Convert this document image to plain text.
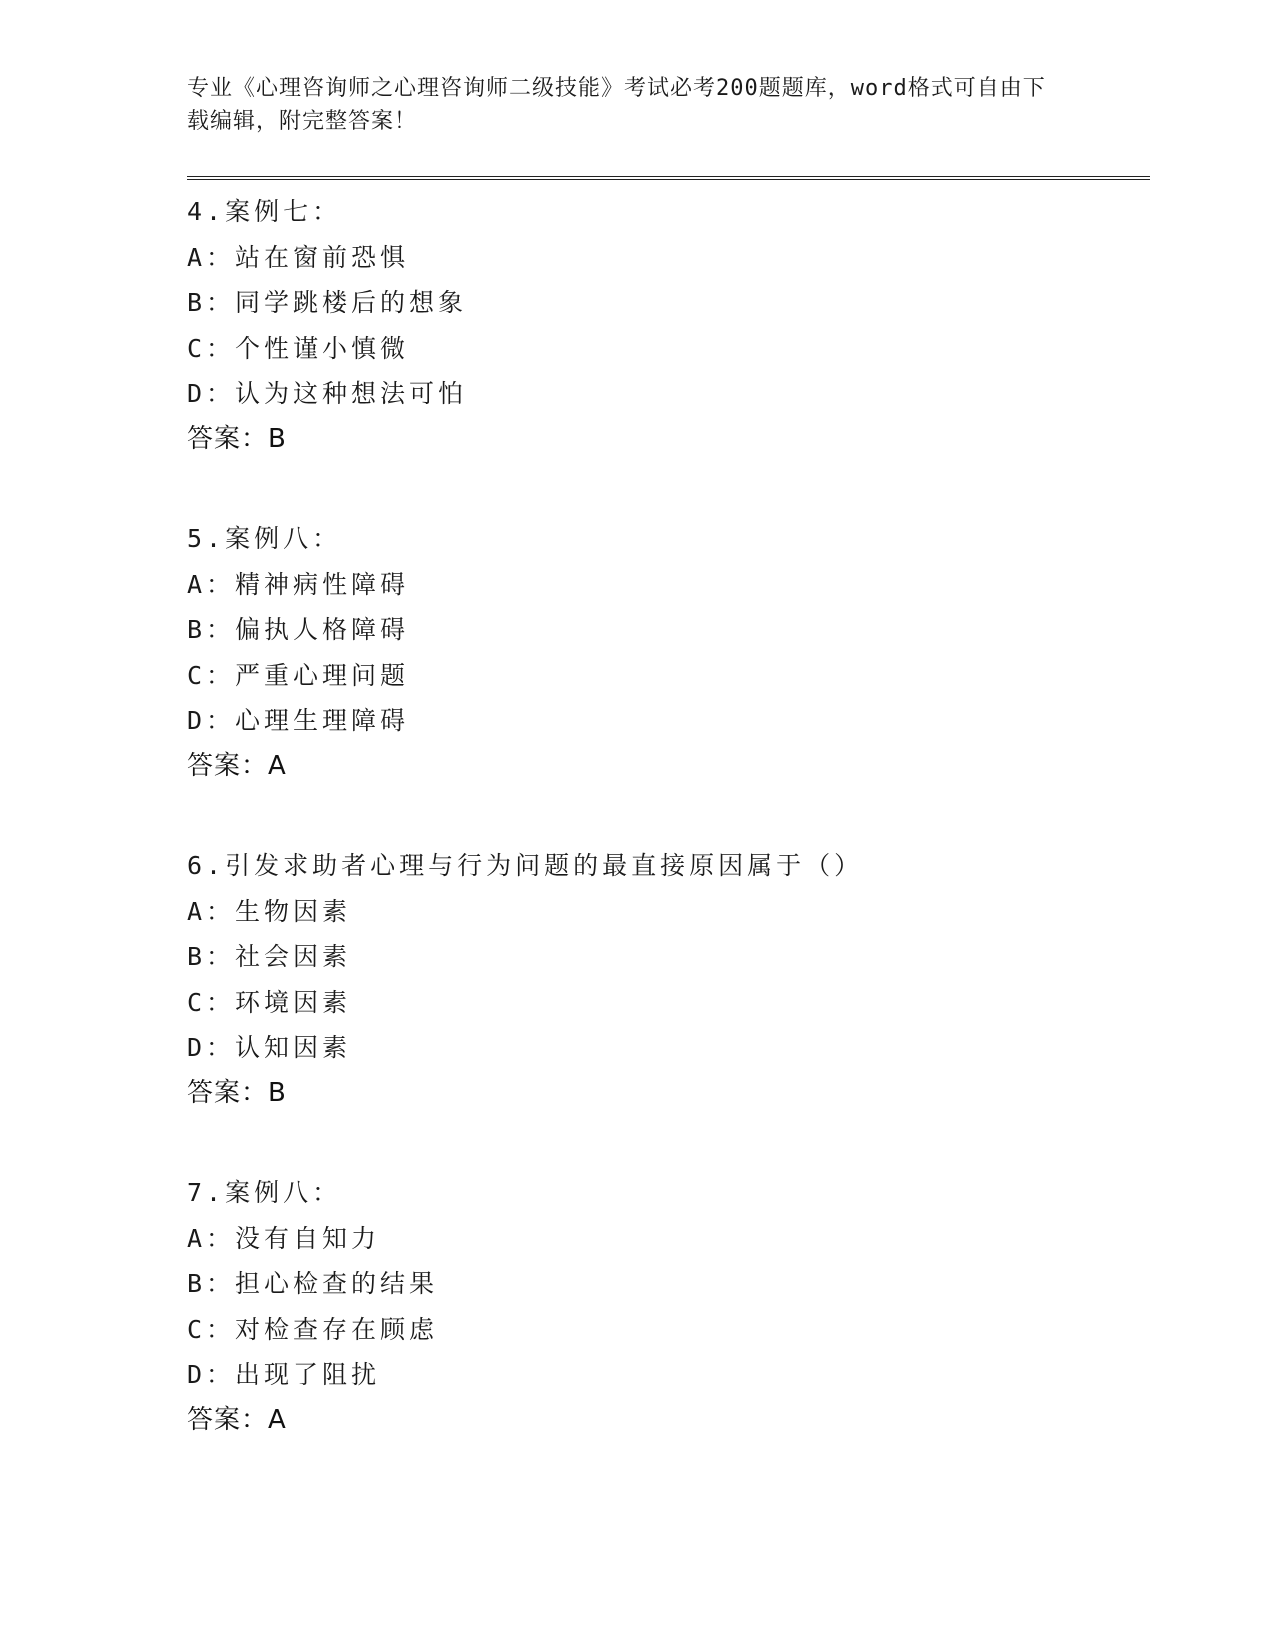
专业《心理咨询师之心理咨询师二级技能》考试必考200题题库，word格式可自由下载编辑，附完整答案！
4.案例七：
A：站在窗前恐惧
B：同学跳楼后的想象
C：个性谨小慎微
D：认为这种想法可怕
答案：B
5.案例八：
A：精神病性障碍
B：偏执人格障碍
C：严重心理问题
D：心理生理障碍
答案：A
6.引发求助者心理与行为问题的最直接原因属于（）
A：生物因素
B：社会因素
C：环境因素
D：认知因素
答案：B
7.案例八：
A：没有自知力
B：担心检查的结果
C：对检查存在顾虑
D：出现了阻扰
答案：A
